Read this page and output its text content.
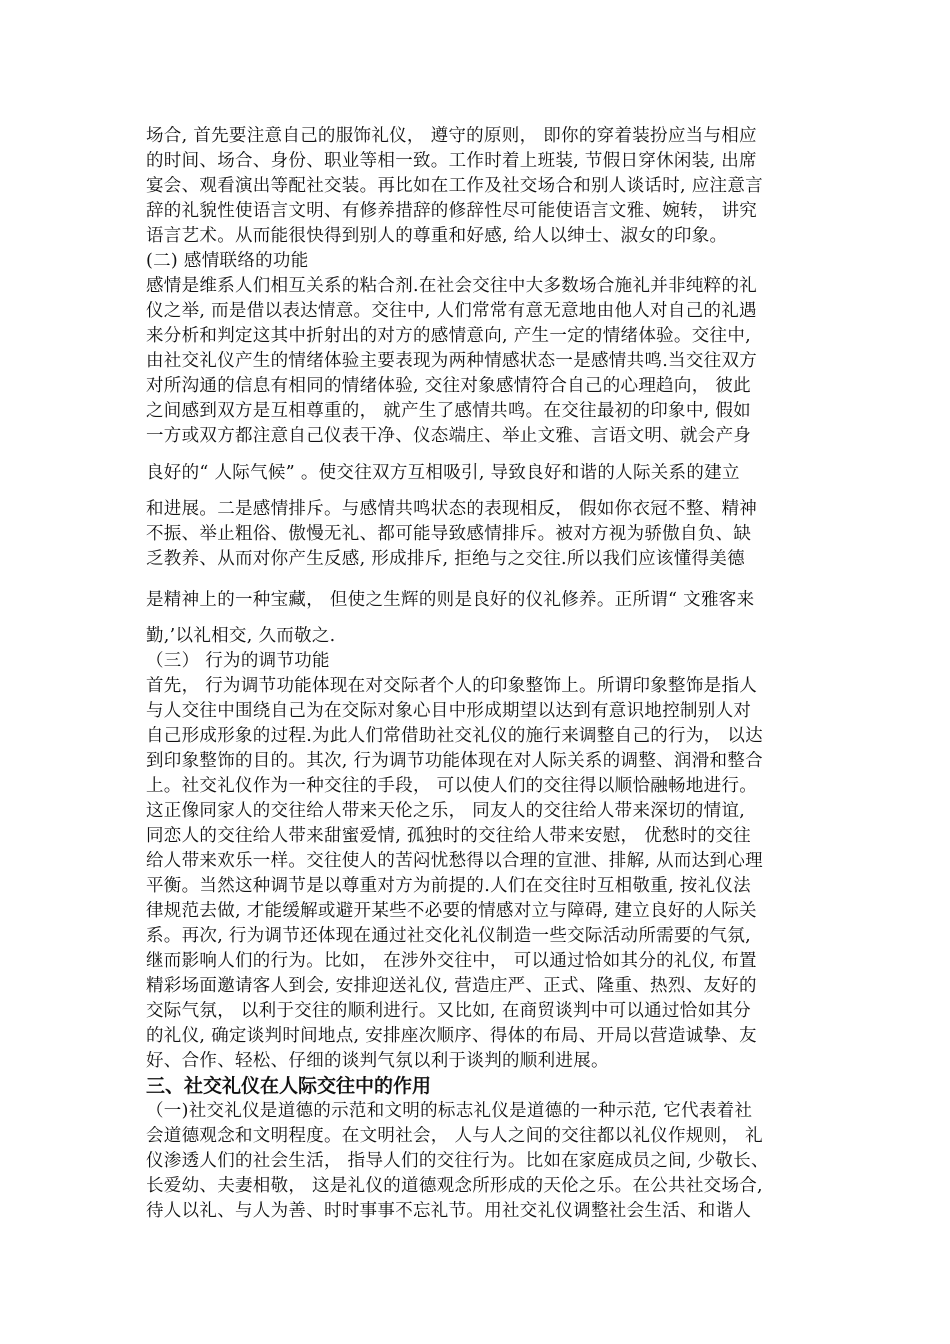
场合, 首先要注意自己的服饰礼仪， 遵守的原则， 即你的穿着装扮应当与相应
的时间、场合、身份、职业等相一致。工作时着上班装, 节假日穿休闲装, 出席
宴会、观看演出等配社交装。再比如在工作及社交场合和别人谈话时, 应注意言
辞的礼貌性使语言文明、有修养措辞的修辞性尽可能使语言文雅、婉转， 讲究
语言艺术。从而能很快得到别人的尊重和好感, 给人以绅士、淑女的印象。
(二) 感情联络的功能
感情是维系人们相互关系的粘合剂.在社会交往中大多数场合施礼并非纯粹的礼
仪之举, 而是借以表达情意。交往中, 人们常常有意无意地由他人对自己的礼遇
来分析和判定这其中折射出的对方的感情意向, 产生一定的情绪体验。交往中,
由社交礼仪产生的情绪体验主要表现为两种情感状态一是感情共鸣.当交往双方
对所沟通的信息有相同的情绪体验, 交往对象感情符合自己的心理趋向， 彼此
之间感到双方是互相尊重的， 就产生了感情共鸣。在交往最初的印象中, 假如
一方或双方都注意自己仪表干净、仪态端庄、举止文雅、言语文明、就会产身
良好的“ 人际气候” 。使交往双方互相吸引, 导致良好和谐的人际关系的建立
和进展。二是感情排斥。与感情共鸣状态的表现相反， 假如你衣冠不整、精神
不振、举止粗俗、傲慢无礼、都可能导致感情排斥。被对方视为骄傲自负、缺
乏教养、从而对你产生反感, 形成排斥, 拒绝与之交往.所以我们应该懂得美德
是精神上的一种宝藏， 但使之生辉的则是良好的仪礼修养。正所谓“ 文雅客来
勤,’以礼相交, 久而敬之.
（三） 行为的调节功能
首先， 行为调节功能体现在对交际者个人的印象整饰上。所谓印象整饰是指人
与人交往中围绕自己为在交际对象心目中形成期望以达到有意识地控制别人对
自己形成形象的过程.为此人们常借助社交礼仪的施行来调整自己的行为， 以达
到印象整饰的目的。其次, 行为调节功能体现在对人际关系的调整、润滑和整合
上。社交礼仪作为一种交往的手段， 可以使人们的交往得以顺恰融畅地进行。
这正像同家人的交往给人带来天伦之乐， 同友人的交往给人带来深切的情谊,
同恋人的交往给人带来甜蜜爱情, 孤独时的交往给人带来安慰， 优愁时的交往
给人带来欢乐一样。交往使人的苦闷忧愁得以合理的宣泄、排解, 从而达到心理
平衡。当然这种调节是以尊重对方为前提的.人们在交往时互相敬重, 按礼仪法
律规范去做, 才能缓解或避开某些不必要的情感对立与障碍, 建立良好的人际关
系。再次, 行为调节还体现在通过社交化礼仪制造一些交际活动所需要的气氛,
继而影响人们的行为。比如， 在涉外交往中， 可以通过恰如其分的礼仪, 布置
精彩场面邀请客人到会, 安排迎送礼仪, 营造庄严、正式、隆重、热烈、友好的
交际气氛， 以利于交往的顺利进行。又比如, 在商贸谈判中可以通过恰如其分
的礼仪, 确定谈判时间地点, 安排座次顺序、得体的布局、开局以营造诚挚、友
好、合作、轻松、仔细的谈判气氛以利于谈判的顺利进展。
三、社交礼仪在人际交往中的作用
（一)社交礼仪是道德的示范和文明的标志礼仪是道德的一种示范, 它代表着社
会道德观念和文明程度。在文明社会， 人与人之间的交往都以礼仪作规则， 礼
仪渗透人们的社会生活， 指导人们的交往行为。比如在家庭成员之间, 少敬长、
长爱幼、夫妻相敬， 这是礼仪的道德观念所形成的天伦之乐。在公共社交场合,
待人以礼、与人为善、时时事事不忘礼节。用社交礼仪调整社会生活、和谐人
